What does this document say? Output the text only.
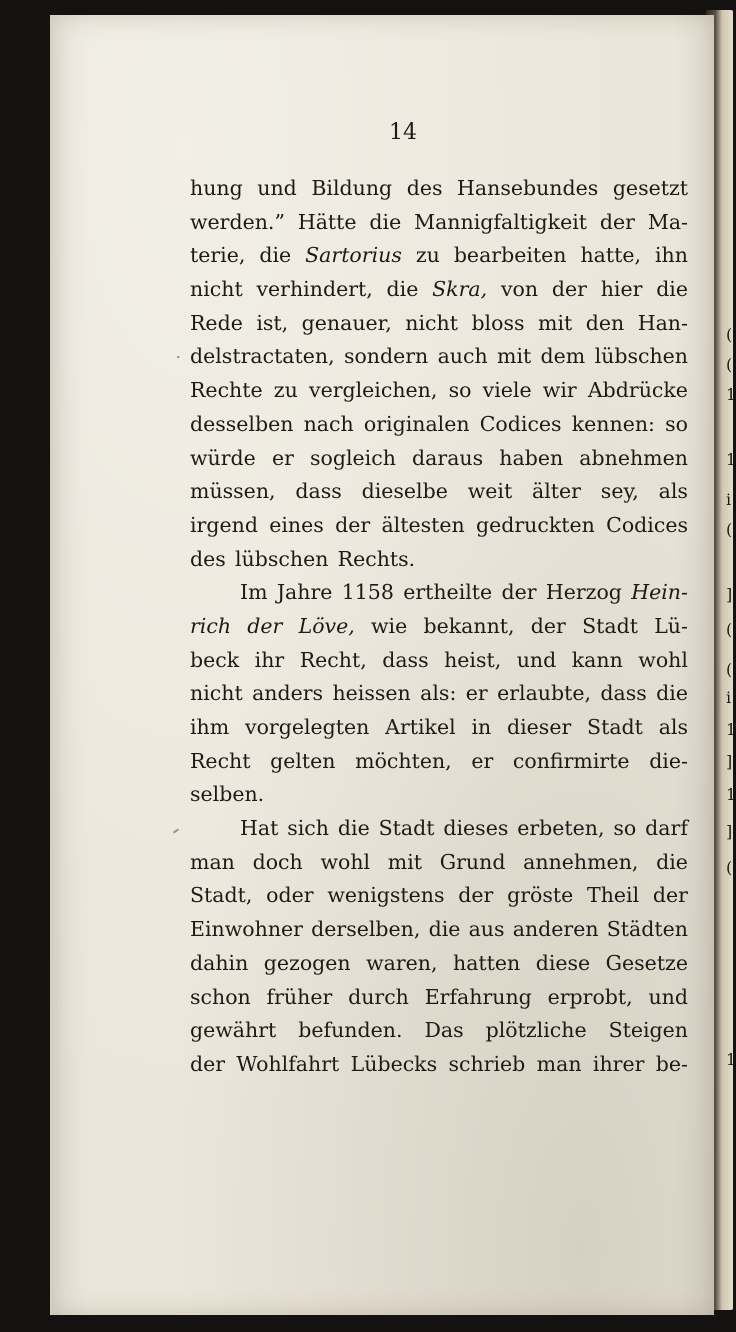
(
(
1
1
i
(
]
(
(
i
1
]
1
]
(
1
14
·
hung und Bildung des Hansebundes gesetzt
werden.” Hätte die Mannigfaltigkeit der Ma-
terie, die Sartorius zu bearbeiten hatte, ihn
nicht verhindert, die Skra, von der hier die
Rede ist, genauer, nicht bloss mit den Han-
delstractaten, sondern auch mit dem lübschen
Rechte zu vergleichen, so viele wir Abdrücke
desselben nach originalen Codices kennen: so
würde er sogleich daraus haben abnehmen
müssen, dass dieselbe weit älter sey, als
irgend eines der ältesten gedruckten Codices
des lübschen Rechts.
Im Jahre 1158 ertheilte der Herzog Hein-
rich der Löve, wie bekannt, der Stadt Lü-
beck ihr Recht, dass heist, und kann wohl
nicht anders heissen als: er erlaubte, dass die
ihm vorgelegten Artikel in dieser Stadt als
Recht gelten möchten, er confirmirte die-
selben.
Hat sich die Stadt dieses erbeten, so darf
man doch wohl mit Grund annehmen, die
Stadt, oder wenigstens der gröste Theil der
Einwohner derselben, die aus anderen Städten
dahin gezogen waren, hatten diese Gesetze
schon früher durch Erfahrung erprobt, und
gewährt befunden. Das plötzliche Steigen
der Wohlfahrt Lübecks schrieb man ihrer be-
